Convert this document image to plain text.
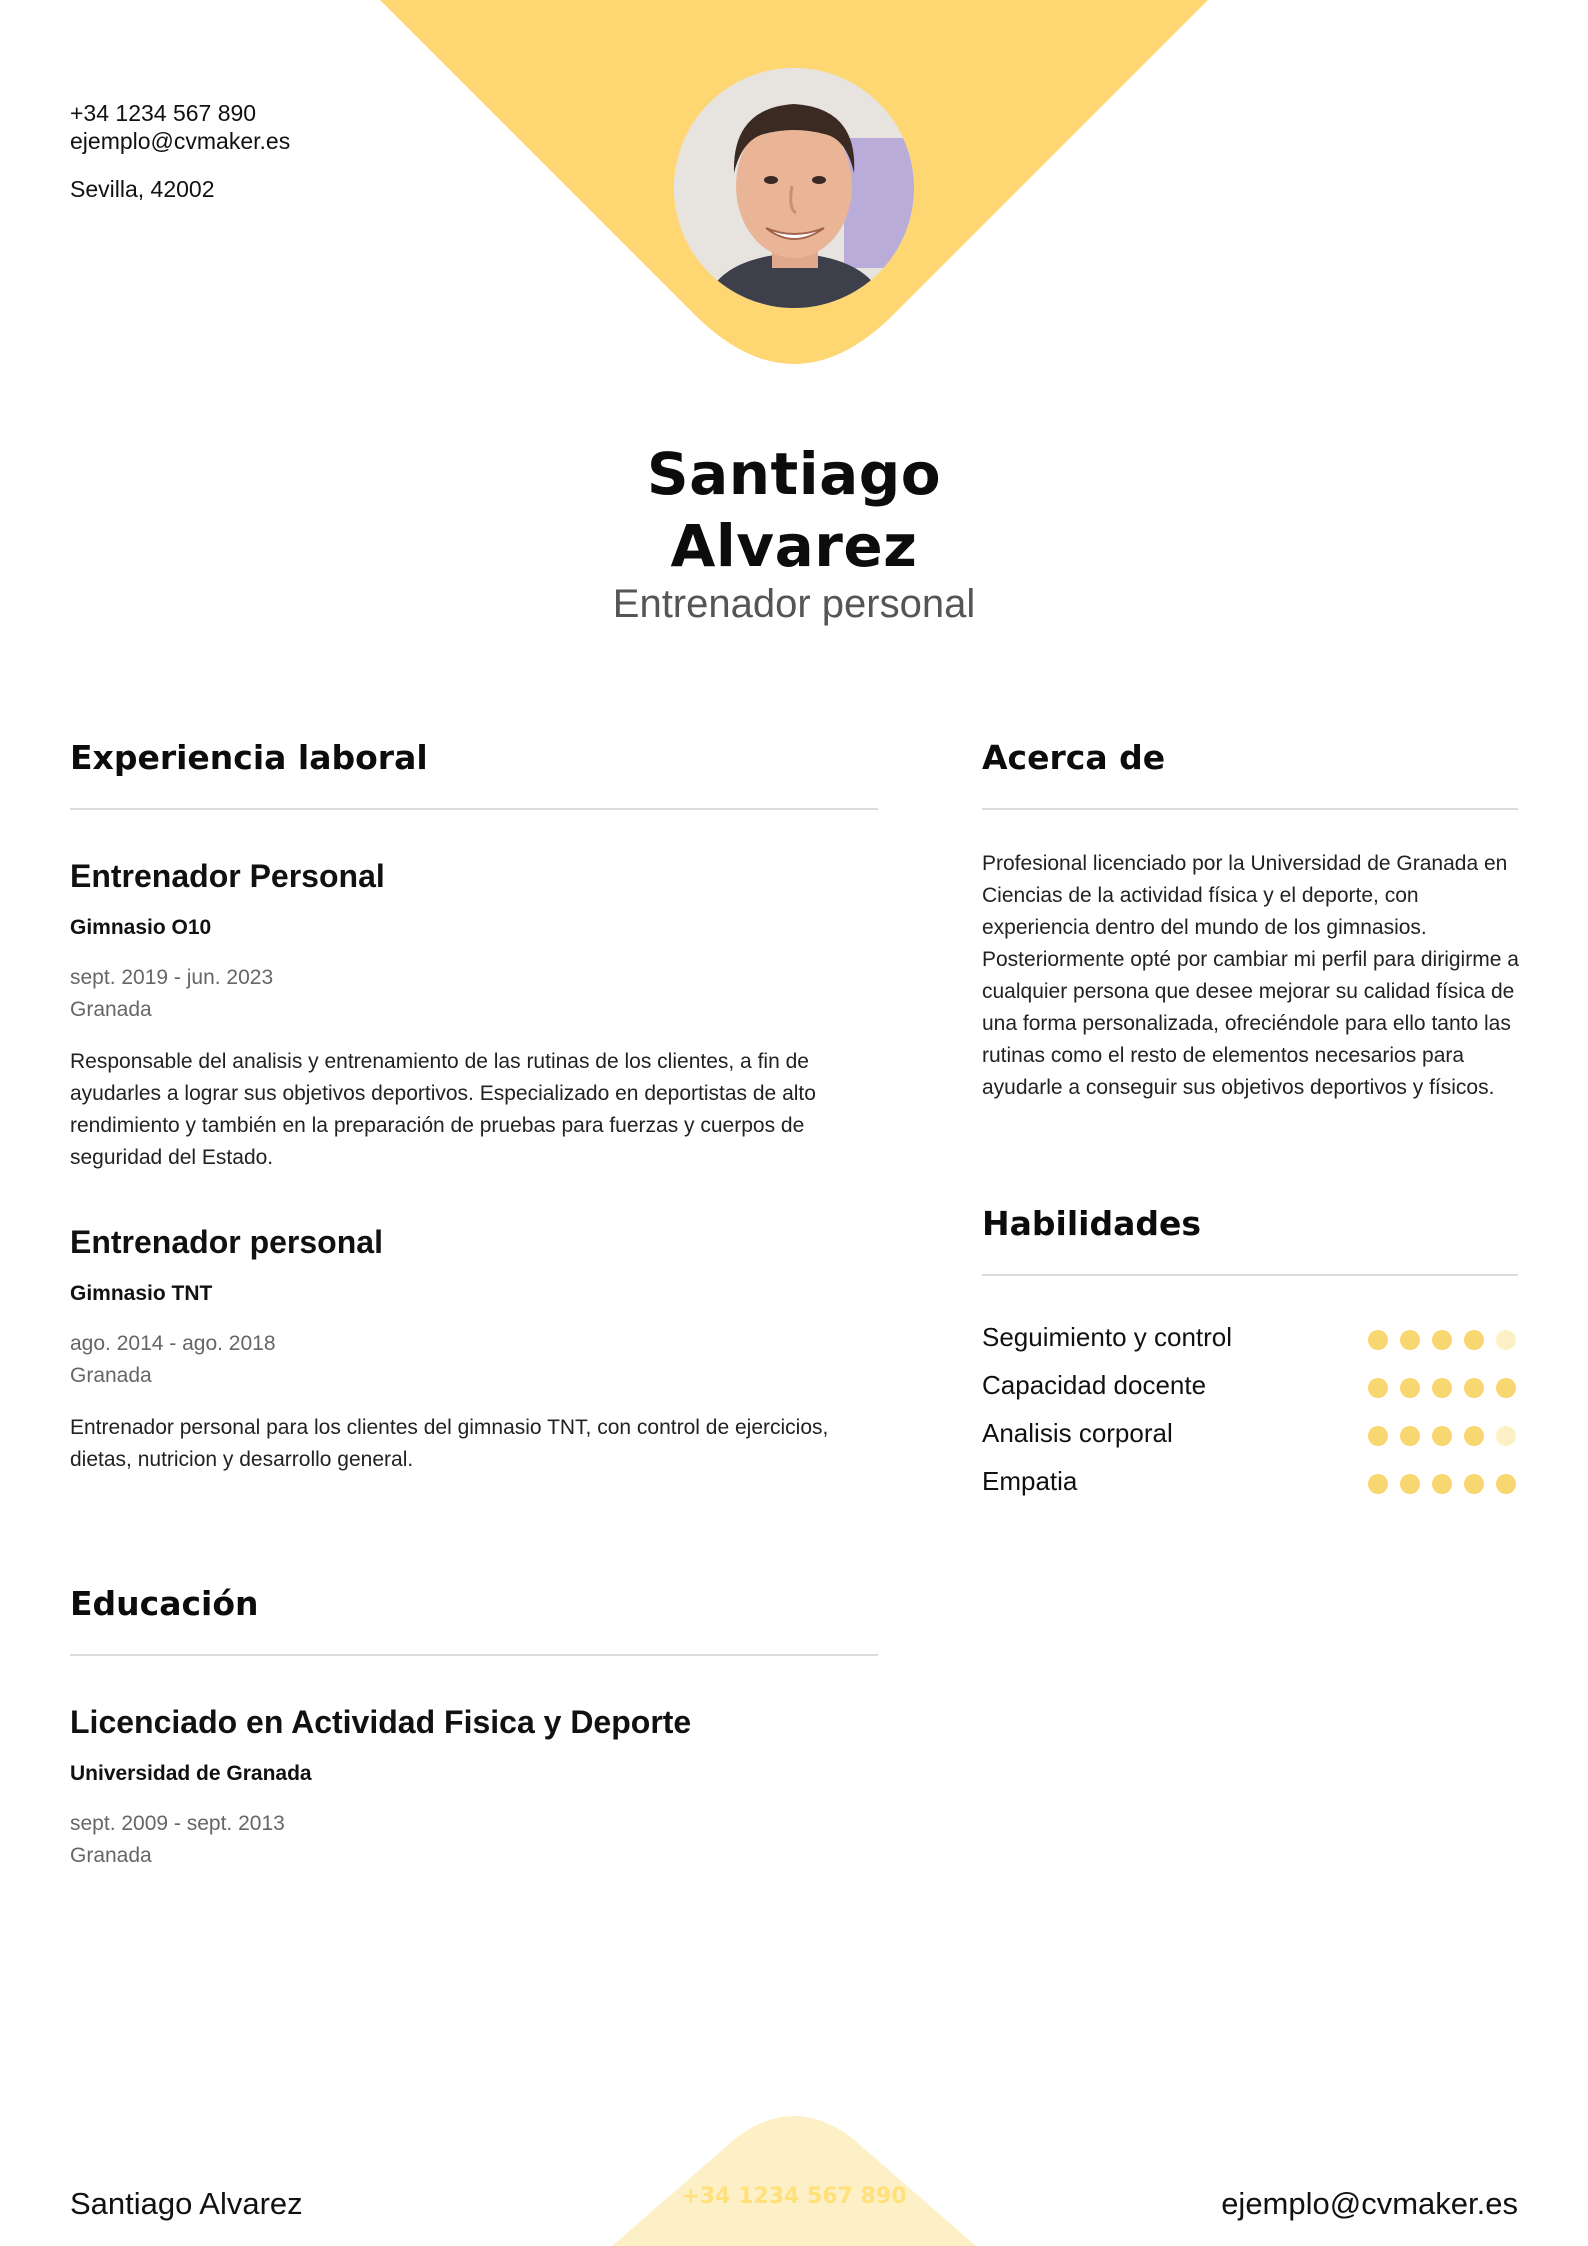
+34 1234 567 890
ejemplo@cvmaker.es
Sevilla, 42002
Santiago
Alvarez
Entrenador personal
Experiencia laboral
Entrenador Personal
Gimnasio O10
sept. 2019 - jun. 2023
Granada
Responsable del analisis y entrenamiento de las rutinas de los clientes, a fin de ayudarles a lograr sus objetivos deportivos. Especializado en deportistas de alto rendimiento y también en la preparación de pruebas para fuerzas y cuerpos de seguridad del Estado.
Entrenador personal
Gimnasio TNT
ago. 2014 - ago. 2018
Granada
Entrenador personal para los clientes del gimnasio TNT, con control de ejercicios, dietas, nutricion y desarrollo general.
Educación
Licenciado en Actividad Fisica y Deporte
Universidad de Granada
sept. 2009 - sept. 2013
Granada
Acerca de
Profesional licenciado por la Universidad de Granada en Ciencias de la actividad física y el deporte, con experiencia dentro del mundo de los gimnasios. Posteriormente opté por cambiar mi perfil para dirigirme a cualquier persona que desee mejorar su calidad física de una forma personalizada, ofreciéndole para ello tanto las rutinas como el resto de elementos necesarios para ayudarle a conseguir sus objetivos deportivos y físicos.
Habilidades
Seguimiento y control
Capacidad docente
Analisis corporal
Empatia
Santiago Alvarez	+34 1234 567 890	ejemplo@cvmaker.es
